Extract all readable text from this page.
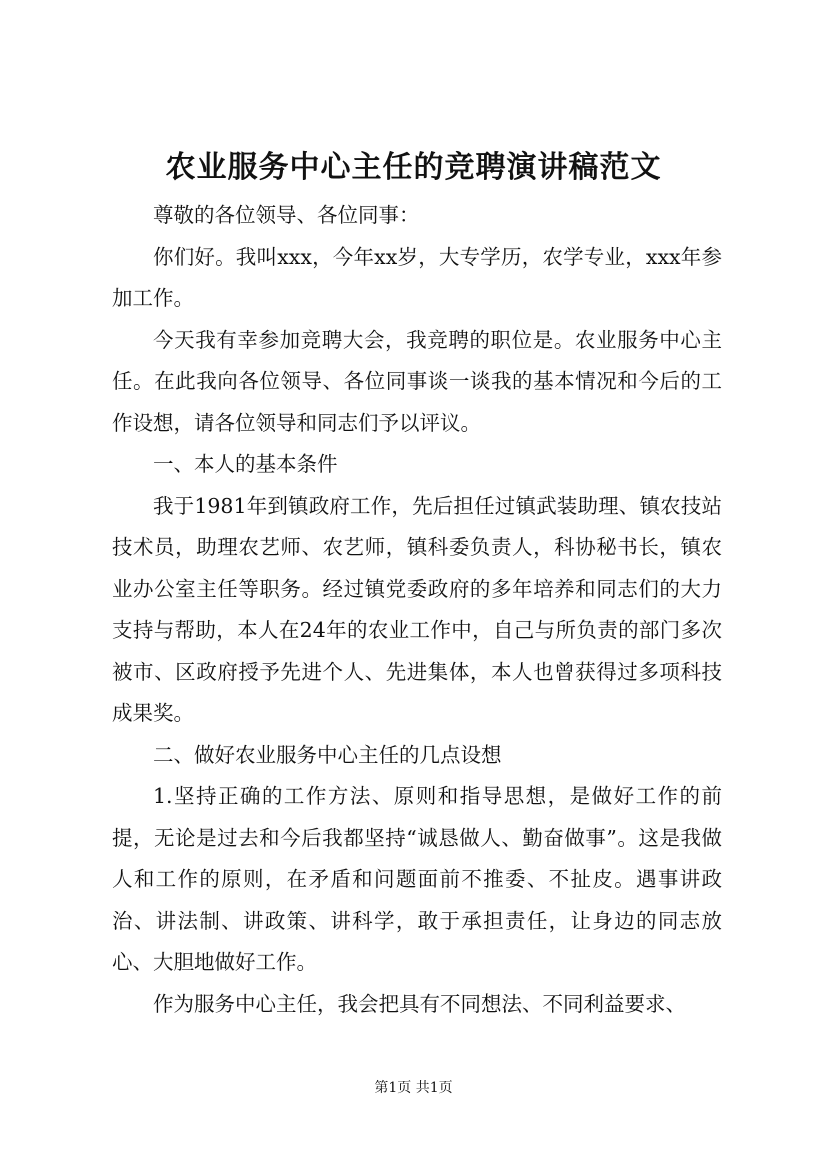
农业服务中心主任的竞聘演讲稿范文

尊敬的各位领导、各位同事：

你们好。我叫xxx，今年xx岁，大专学历，农学专业，xxx年参加工作。

今天我有幸参加竞聘大会，我竞聘的职位是。农业服务中心主任。在此我向各位领导、各位同事谈一谈我的基本情况和今后的工作设想，请各位领导和同志们予以评议。

一、本人的基本条件

我于1981年到镇政府工作，先后担任过镇武装助理、镇农技站技术员，助理农艺师、农艺师，镇科委负责人，科协秘书长，镇农业办公室主任等职务。经过镇党委政府的多年培养和同志们的大力支持与帮助，本人在24年的农业工作中，自己与所负责的部门多次被市、区政府授予先进个人、先进集体，本人也曾获得过多项科技成果奖。

二、做好农业服务中心主任的几点设想

1.坚持正确的工作方法、原则和指导思想，是做好工作的前提，无论是过去和今后我都坚持“诚恳做人、勤奋做事”。这是我做人和工作的原则，在矛盾和问题面前不推委、不扯皮。遇事讲政治、讲法制、讲政策、讲科学，敢于承担责任，让身边的同志放心、大胆地做好工作。

作为服务中心主任，我会把具有不同想法、不同利益要求、

第1页 共1页
